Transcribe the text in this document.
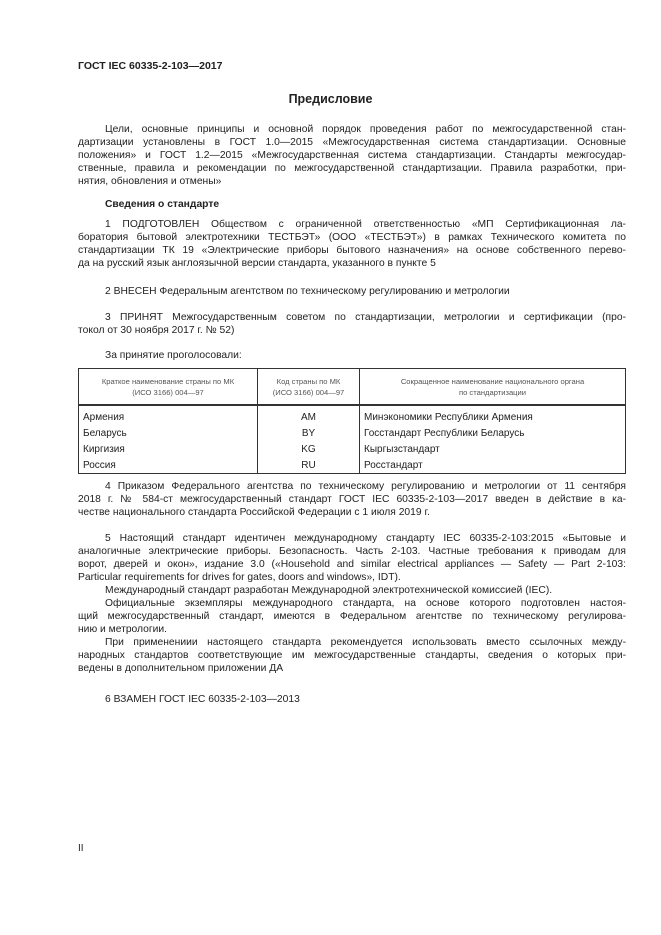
ГОСТ IEC 60335-2-103—2017
Предисловие
Цели, основные принципы и основной порядок проведения работ по межгосударственной стан-
дартизации установлены в ГОСТ 1.0—2015 «Межгосударственная система стандартизации. Основные
положения» и ГОСТ 1.2—2015 «Межгосударственная система стандартизации. Стандарты межгосудар-
ственные, правила и рекомендации по межгосударственной стандартизации. Правила разработки, при-
нятия, обновления и отмены»
1 ПОДГОТОВЛЕН Обществом с ограниченной ответственностью «МП Сертификационная ла-
боратория бытовой электротехники ТЕСТБЭТ» (ООО «ТЕСТБЭТ») в рамках Технического комитета по
стандартизации ТК 19 «Электрические приборы бытового назначения» на основе собственного перево-
да на русский язык англоязычной версии стандарта, указанного в пункте 5
2 ВНЕСЕН Федеральным агентством по техническому регулированию и метрологии
3 ПРИНЯТ Межгосударственным советом по стандартизации, метрологии и сертификации (про-
токол от 30 ноября 2017 г. № 52)
За принятие проголосовали:
4 Приказом Федерального агентства по техническому регулированию и метрологии от 11 сентября
2018 г. № 584-ст межгосударственный стандарт ГОСТ IEC 60335-2-103—2017 введен в действие в ка-
честве национального стандарта Российской Федерации с 1 июля 2019 г.
5 Настоящий стандарт идентичен международному стандарту IEC 60335-2-103:2015 «Бытовые и
аналогичные электрические приборы. Безопасность. Часть 2-103. Частные требования к приводам для
ворот, дверей и окон», издание 3.0 («Household and similar electrical appliances — Safety — Part 2-103:
Particular requirements for drives for gates, doors and windows», IDT).
Международный стандарт разработан Международной электротехнической комиссией (IEC).
Официальные экземпляры международного стандарта, на основе которого подготовлен настоя-
щий межгосударственный стандарт, имеются в Федеральном агентстве по техническому регулирова-
нию и метрологии.
При применениии настоящего стандарта рекомендуется использовать вместо ссылочных между-
народных стандартов соответствующие им межгосударственные стандарты, сведения о которых при-
ведены в дополнительном приложении ДА
6 ВЗАМЕН ГОСТ IEC 60335-2-103—2013
Сведения о стандарте
Краткое наименование страны по МК
(ИСО 3166) 004—97	Код страны по МК
(ИСО 3166) 004—97	Сокращенное наименование национального органа
по стандартизации
Армения	AM	Минэкономики Республики Армения
Беларусь	BY	Госстандарт Республики Беларусь
Киргизия	KG	Кыргызстандарт
Россия	RU	Росстандарт
II
